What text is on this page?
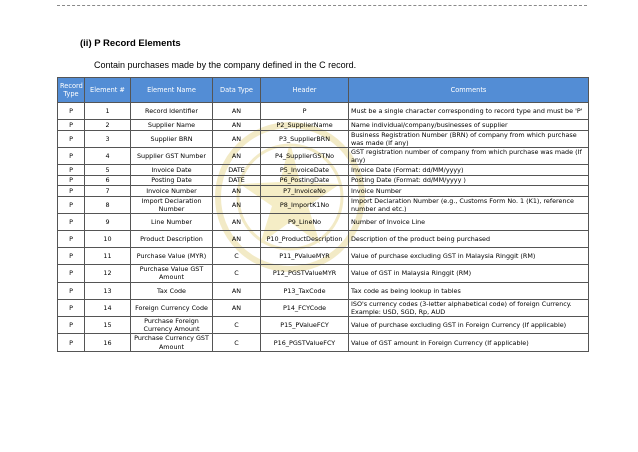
(ii) P Record Elements
Contain purchases made by the company defined in the C record.
Record Type	Element #	Element Name	Data Type	Header	Comments
P	1	Record Identifier	AN	P	Must be a single character corresponding to record type and must be 'P'
P	2	Supplier Name	AN	P2_SupplierName	Name individual/company/businesses of supplier
P	3	Supplier BRN	AN	P3_SupplierBRN	Business Registration Number (BRN) of company from which purchase was made (If any)
P	4	Supplier GST Number	AN	P4_SupplierGSTNo	GST registration number of company from which purchase was made (If any)
P	5	Invoice Date	DATE	P5_InvoiceDate	Invoice Date (Format: dd/MM/yyyy)
P	6	Posting Date	DATE	P6_PostingDate	Posting Date (Format: dd/MM/yyyy )
P	7	Invoice Number	AN	P7_InvoiceNo	Invoice Number
P	8	Import Declaration Number	AN	P8_ImportK1No	Import Declaration Number (e.g., Customs Form No. 1 (K1), reference number and etc.)
P	9	Line Number	AN	P9_LineNo	Number of Invoice Line
P	10	Product Description	AN	P10_ProductDescription	Description of the product being purchased
P	11	Purchase Value (MYR)	C	P11_PValueMYR	Value of purchase excluding GST in Malaysia Ringgit (RM)
P	12	Purchase Value GST Amount	C	P12_PGSTValueMYR	Value of GST in Malaysia Ringgit (RM)
P	13	Tax Code	AN	P13_TaxCode	Tax code as being lookup in tables
P	14	Foreign Currency Code	AN	P14_FCYCode	ISO's currency codes (3-letter alphabetical code) of foreign Currency. Example: USD, SGD, Rp, AUD
P	15	Purchase Foreign Currency Amount	C	P15_PValueFCY	Value of purchase excluding GST in Foreign Currency (If applicable)
P	16	Purchase Currency GST Amount	C	P16_PGSTValueFCY	Value of GST amount in Foreign Currency (If applicable)
